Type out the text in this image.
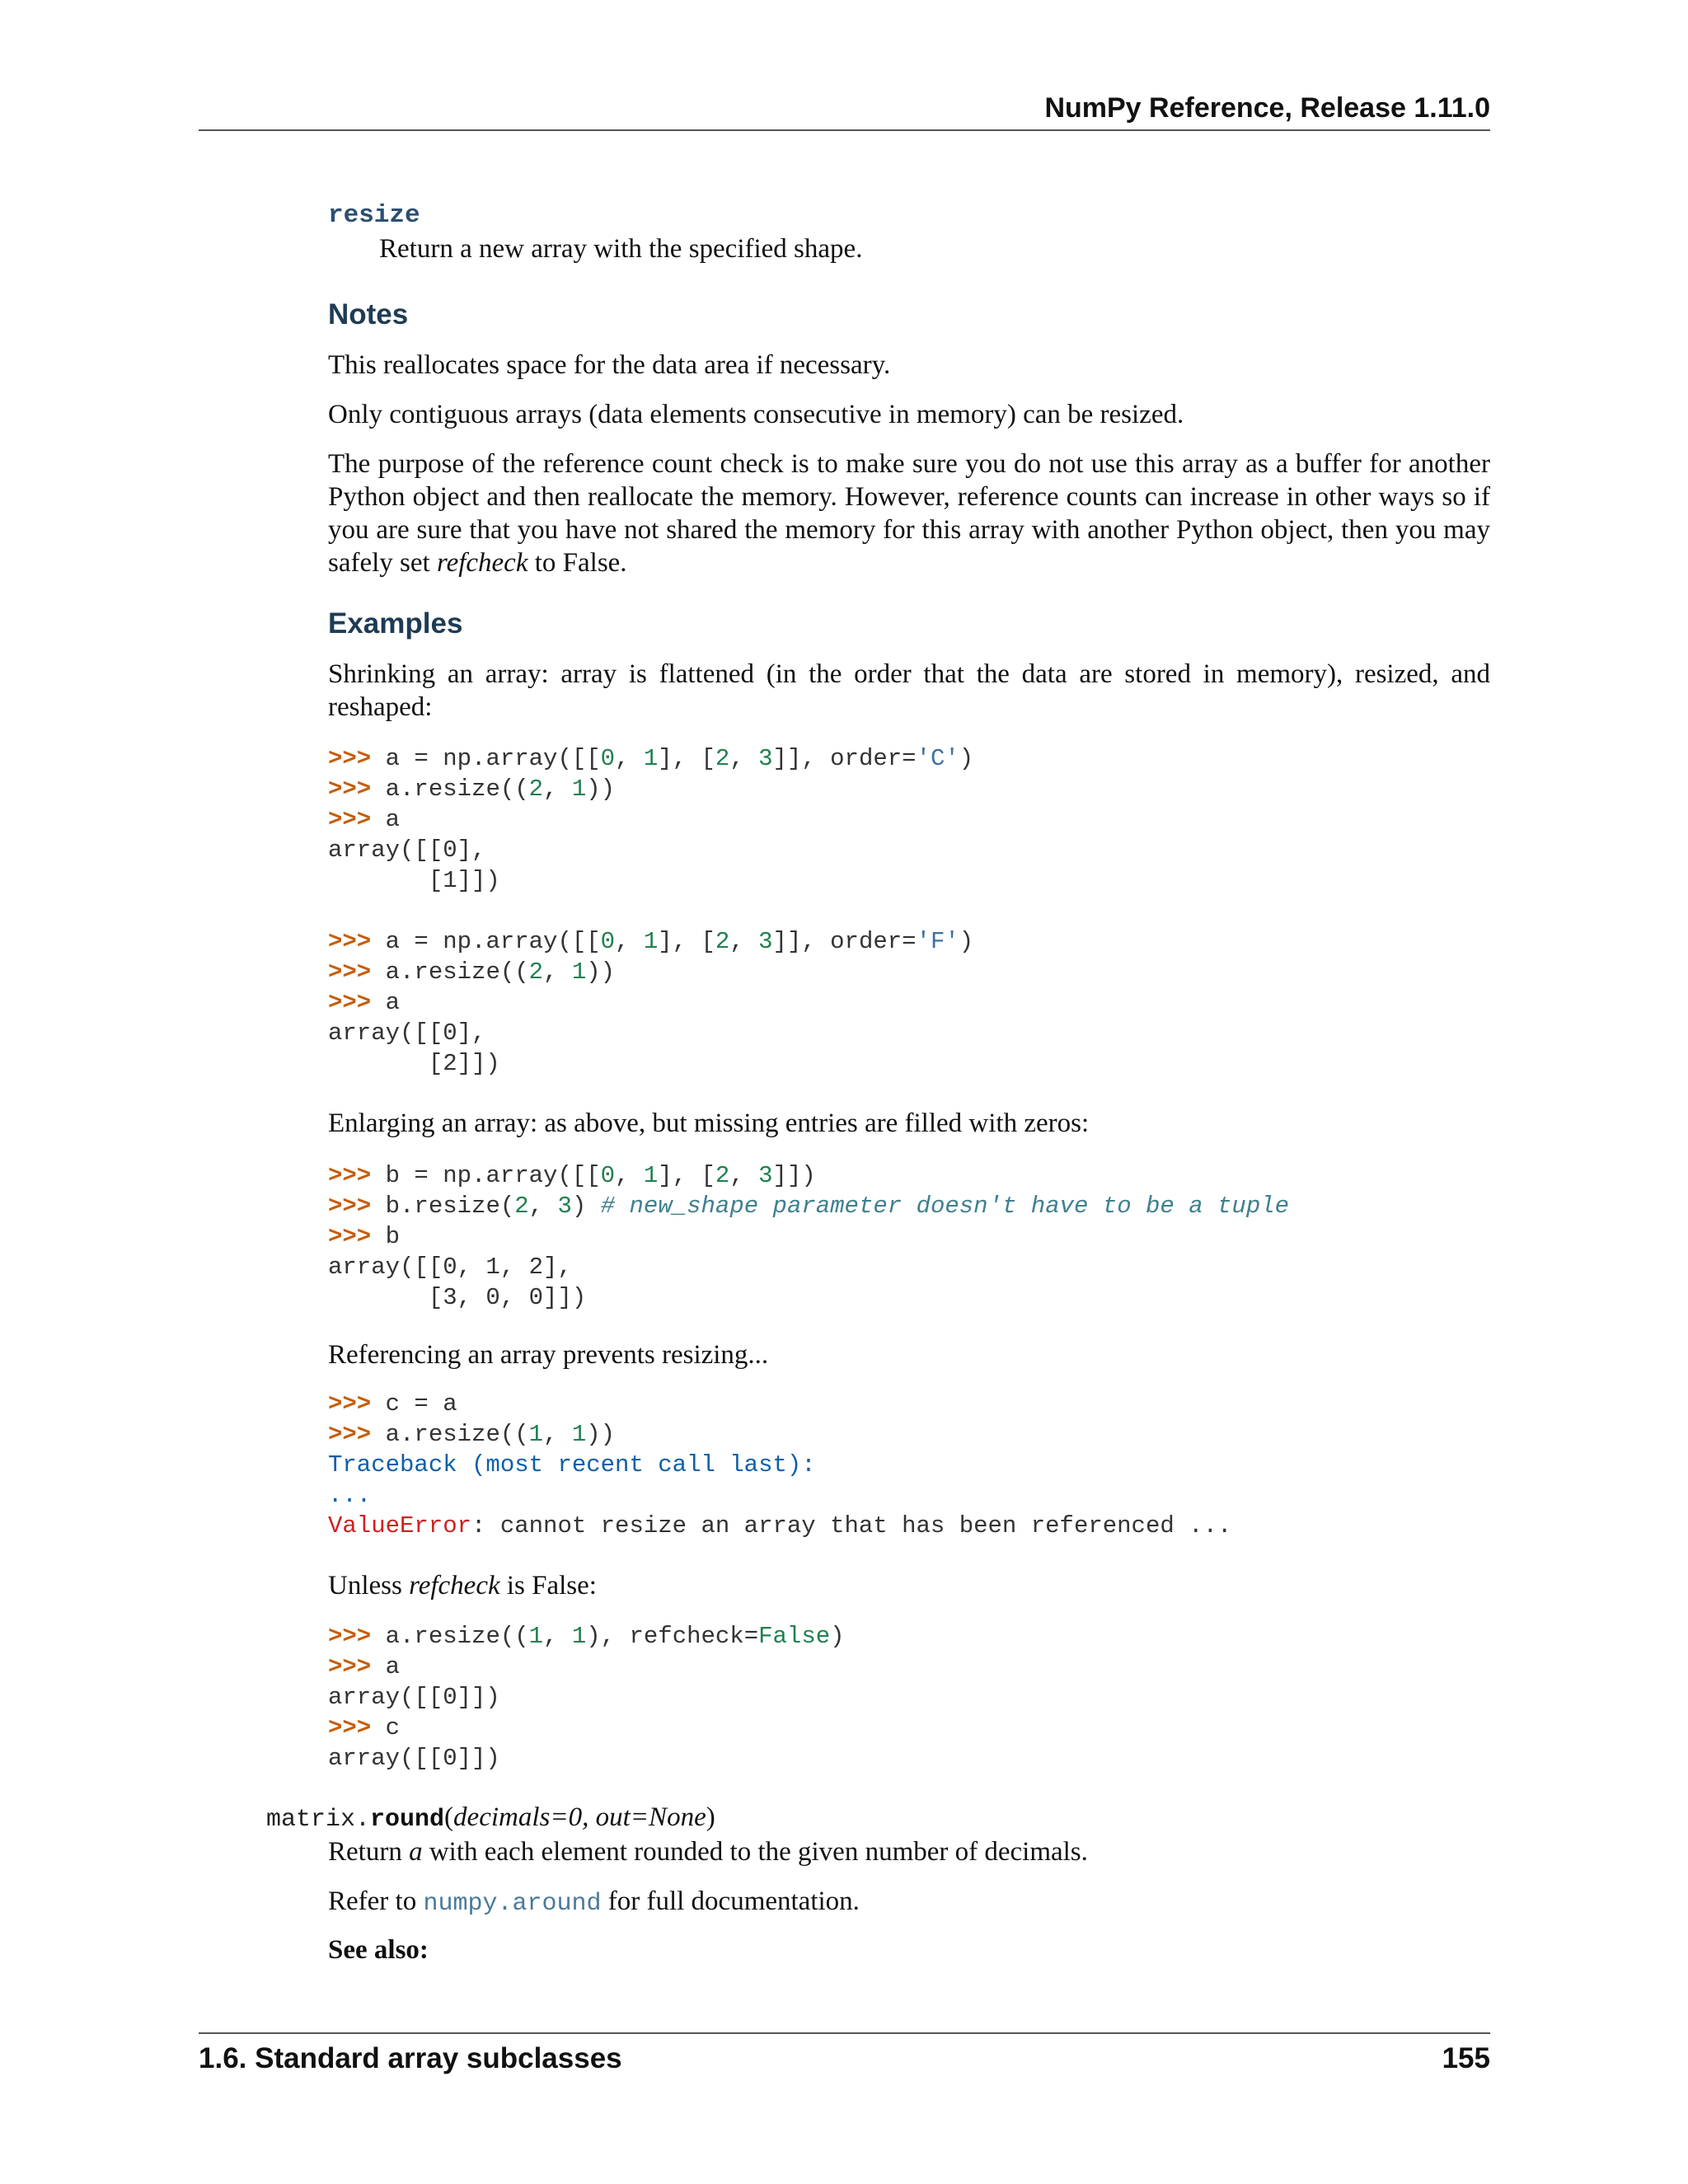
NumPy Reference, Release 1.11.0
resize
Return a new array with the specified shape.
Notes
This reallocates space for the data area if necessary.
Only contiguous arrays (data elements consecutive in memory) can be resized.
The purpose of the reference count check is to make sure you do not use this array as a buffer for another Python object and then reallocate the memory. However, reference counts can increase in other ways so if you are sure that you have not shared the memory for this array with another Python object, then you may safely set refcheck to False.
Examples
Shrinking an array: array is flattened (in the order that the data are stored in memory), resized, and reshaped:
>>> a = np.array([[0, 1], [2, 3]], order='C')
>>> a.resize((2, 1))
>>> a
array([[0],
[1]])
>>> a = np.array([[0, 1], [2, 3]], order='F')
>>> a.resize((2, 1))
>>> a
array([[0],
[2]])
Enlarging an array: as above, but missing entries are filled with zeros:
>>> b = np.array([[0, 1], [2, 3]])
>>> b.resize(2, 3) # new_shape parameter doesn't have to be a tuple
>>> b
array([[0, 1, 2],
[3, 0, 0]])
Referencing an array prevents resizing...
>>> c = a
>>> a.resize((1, 1))
Traceback (most recent call last):
...
ValueError: cannot resize an array that has been referenced ...
Unless refcheck is False:
>>> a.resize((1, 1), refcheck=False)
>>> a
array([[0]])
>>> c
array([[0]])
matrix.round(decimals=0, out=None)
Return a with each element rounded to the given number of decimals.
Refer to numpy.around for full documentation.
See also:
1.6. Standard array subclasses	155
